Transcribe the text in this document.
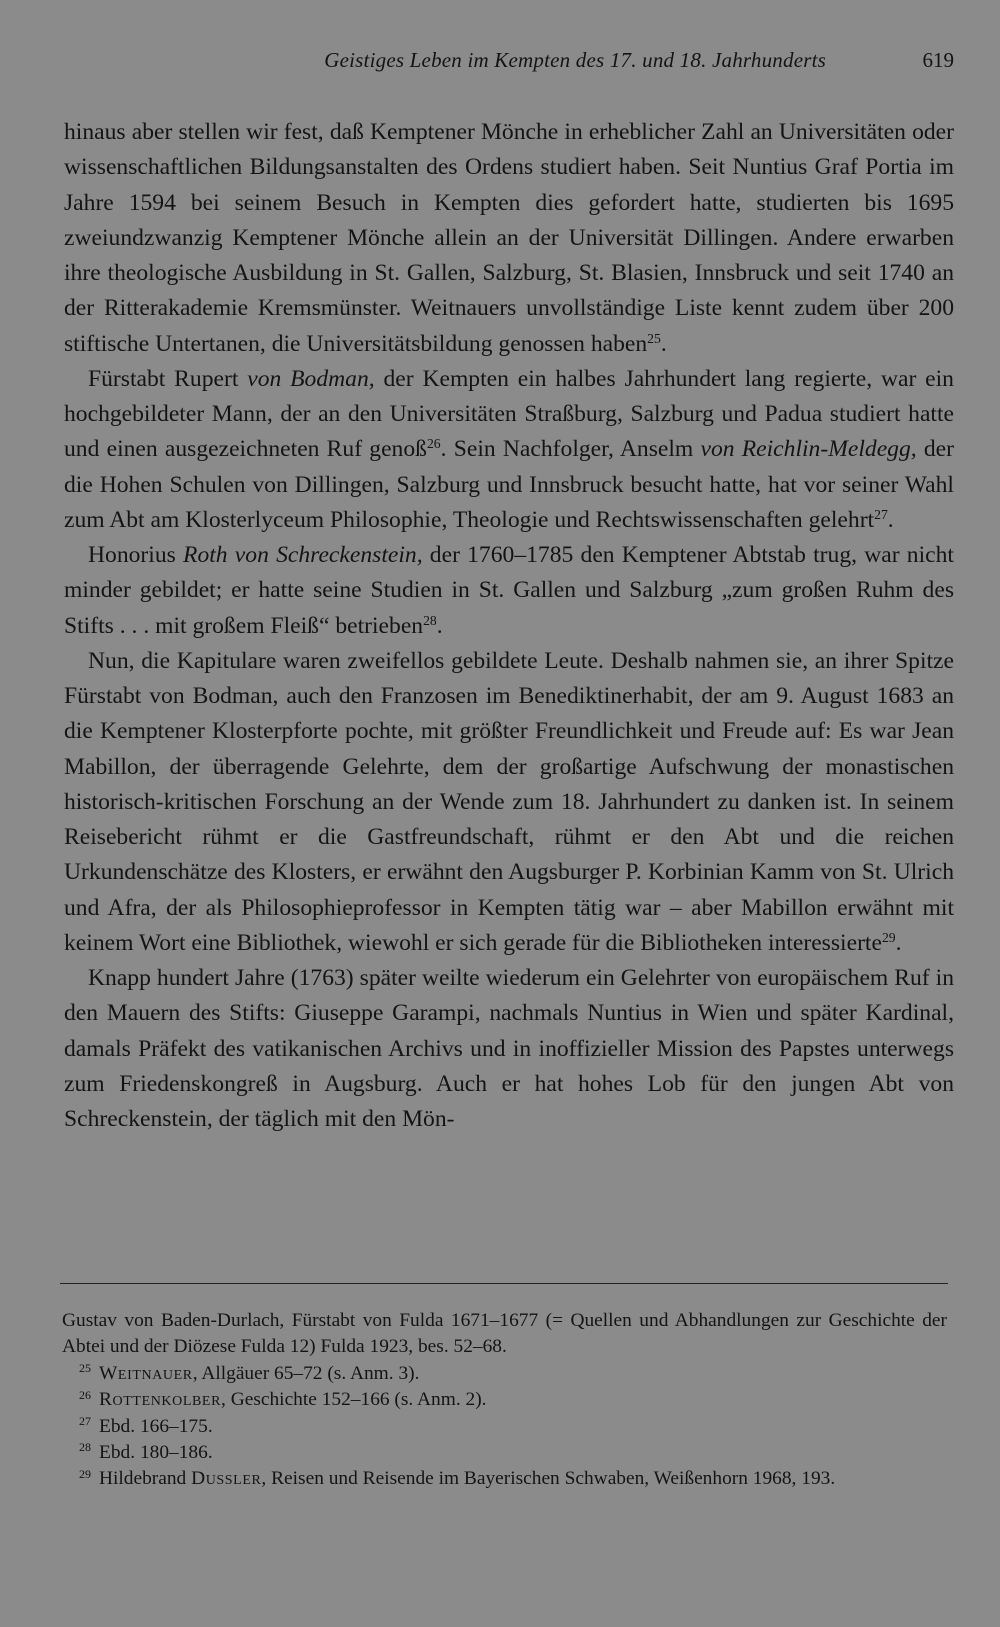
Geistiges Leben im Kempten des 17. und 18. Jahrhunderts	619

hinaus aber stellen wir fest, daß Kemptener Mönche in erheblicher Zahl an Universitäten oder wissenschaftlichen Bildungsanstalten des Ordens studiert haben. Seit Nuntius Graf Portia im Jahre 1594 bei seinem Besuch in Kempten dies gefordert hatte, studierten bis 1695 zweiundzwanzig Kemptener Mönche allein an der Universität Dillingen. Andere erwarben ihre theologische Ausbildung in St. Gallen, Salzburg, St. Blasien, Innsbruck und seit 1740 an der Ritterakademie Kremsmünster. Weitnauers unvollständige Liste kennt zudem über 200 stiftische Untertanen, die Universitätsbildung genossen haben$^{25}$.

Fürstabt Rupert von Bodman, der Kempten ein halbes Jahrhundert lang regierte, war ein hochgebildeter Mann, der an den Universitäten Straßburg, Salzburg und Padua studiert hatte und einen ausgezeichneten Ruf genoß$^{26}$. Sein Nachfolger, Anselm von Reichlin-Meldegg, der die Hohen Schulen von Dillingen, Salzburg und Innsbruck besucht hatte, hat vor seiner Wahl zum Abt am Klosterlyceum Philosophie, Theologie und Rechtswissenschaften gelehrt$^{27}$.

Honorius Roth von Schreckenstein, der 1760–1785 den Kemptener Abtstab trug, war nicht minder gebildet; er hatte seine Studien in St. Gallen und Salzburg „zum großen Ruhm des Stifts . . . mit großem Fleiß“ betrieben$^{28}$.

Nun, die Kapitulare waren zweifellos gebildete Leute. Deshalb nahmen sie, an ihrer Spitze Fürstabt von Bodman, auch den Franzosen im Benediktinerhabit, der am 9. August 1683 an die Kemptener Klosterpforte pochte, mit größter Freundlichkeit und Freude auf: Es war Jean Mabillon, der überragende Gelehrte, dem der großartige Aufschwung der monastischen historisch-kritischen Forschung an der Wende zum 18. Jahrhundert zu danken ist. In seinem Reisebericht rühmt er die Gastfreundschaft, rühmt er den Abt und die reichen Urkundenschätze des Klosters, er erwähnt den Augsburger P. Korbinian Kamm von St. Ulrich und Afra, der als Philosophieprofessor in Kempten tätig war – aber Mabillon erwähnt mit keinem Wort eine Bibliothek, wiewohl er sich gerade für die Bibliotheken interessierte$^{29}$.

Knapp hundert Jahre (1763) später weilte wiederum ein Gelehrter von europäischem Ruf in den Mauern des Stifts: Giuseppe Garampi, nachmals Nuntius in Wien und später Kardinal, damals Präfekt des vatikanischen Archivs und in inoffizieller Mission des Papstes unterwegs zum Friedenskongreß in Augsburg. Auch er hat hohes Lob für den jungen Abt von Schreckenstein, der täglich mit den Mön-

Gustav von Baden-Durlach, Fürstabt von Fulda 1671–1677 (= Quellen und Abhandlungen zur Geschichte der Abtei und der Diözese Fulda 12) Fulda 1923, bes. 52–68.

$^{25}$ Weitnauer, Allgäuer 65–72 (s. Anm. 3).

$^{26}$ Rottenkolber, Geschichte 152–166 (s. Anm. 2).

$^{27}$ Ebd. 166–175.

$^{28}$ Ebd. 180–186.

$^{29}$ Hildebrand Dussler, Reisen und Reisende im Bayerischen Schwaben, Weißenhorn 1968, 193.
